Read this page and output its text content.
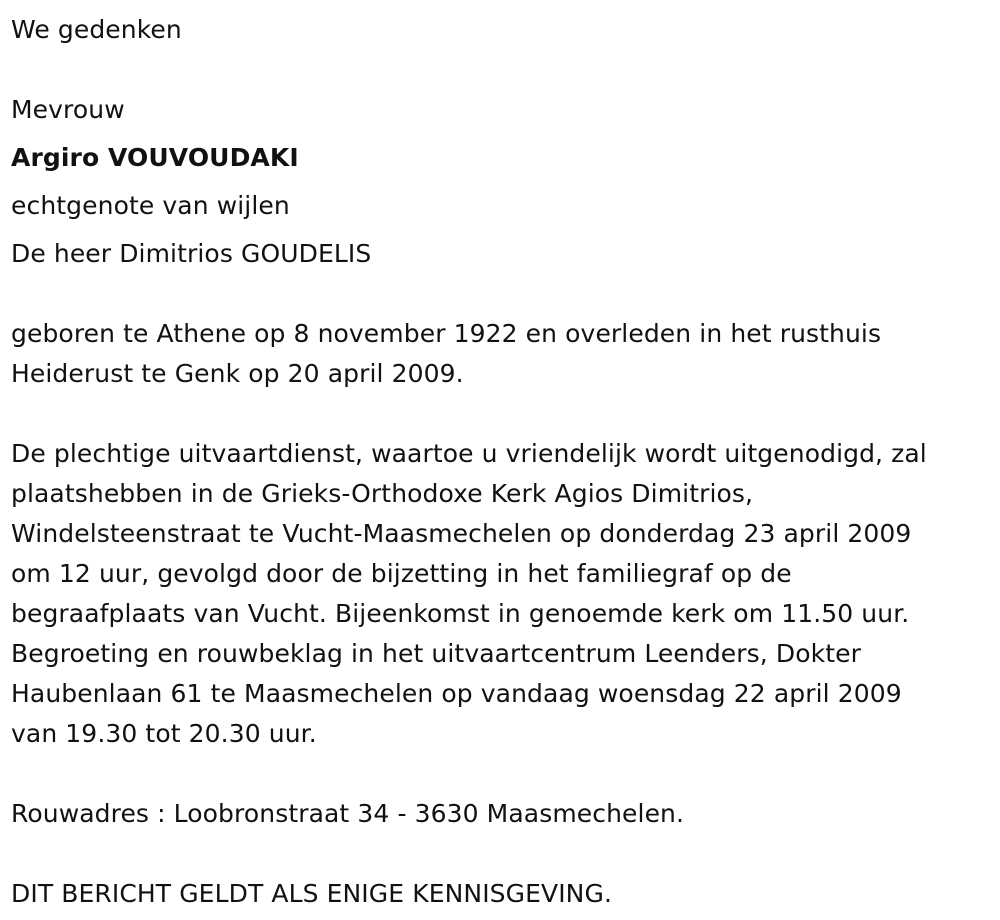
We gedenken
Mevrouw
Argiro VOUVOUDAKI
echtgenote van wijlen
De heer Dimitrios GOUDELIS
geboren te Athene op 8 november 1922 en overleden in het rusthuis
Heiderust te Genk op 20 april 2009.
De plechtige uitvaartdienst, waartoe u vriendelijk wordt uitgenodigd, zal
plaatshebben in de Grieks-Orthodoxe Kerk Agios Dimitrios,
Windelsteenstraat te Vucht-Maasmechelen op donderdag 23 april 2009
om 12 uur, gevolgd door de bijzetting in het familiegraf op de
begraafplaats van Vucht. Bijeenkomst in genoemde kerk om 11.50 uur.
Begroeting en rouwbeklag in het uitvaartcentrum Leenders, Dokter
Haubenlaan 61 te Maasmechelen op vandaag woensdag 22 april 2009
van 19.30 tot 20.30 uur.
Rouwadres : Loobronstraat 34 - 3630 Maasmechelen.
DIT BERICHT GELDT ALS ENIGE KENNISGEVING.
